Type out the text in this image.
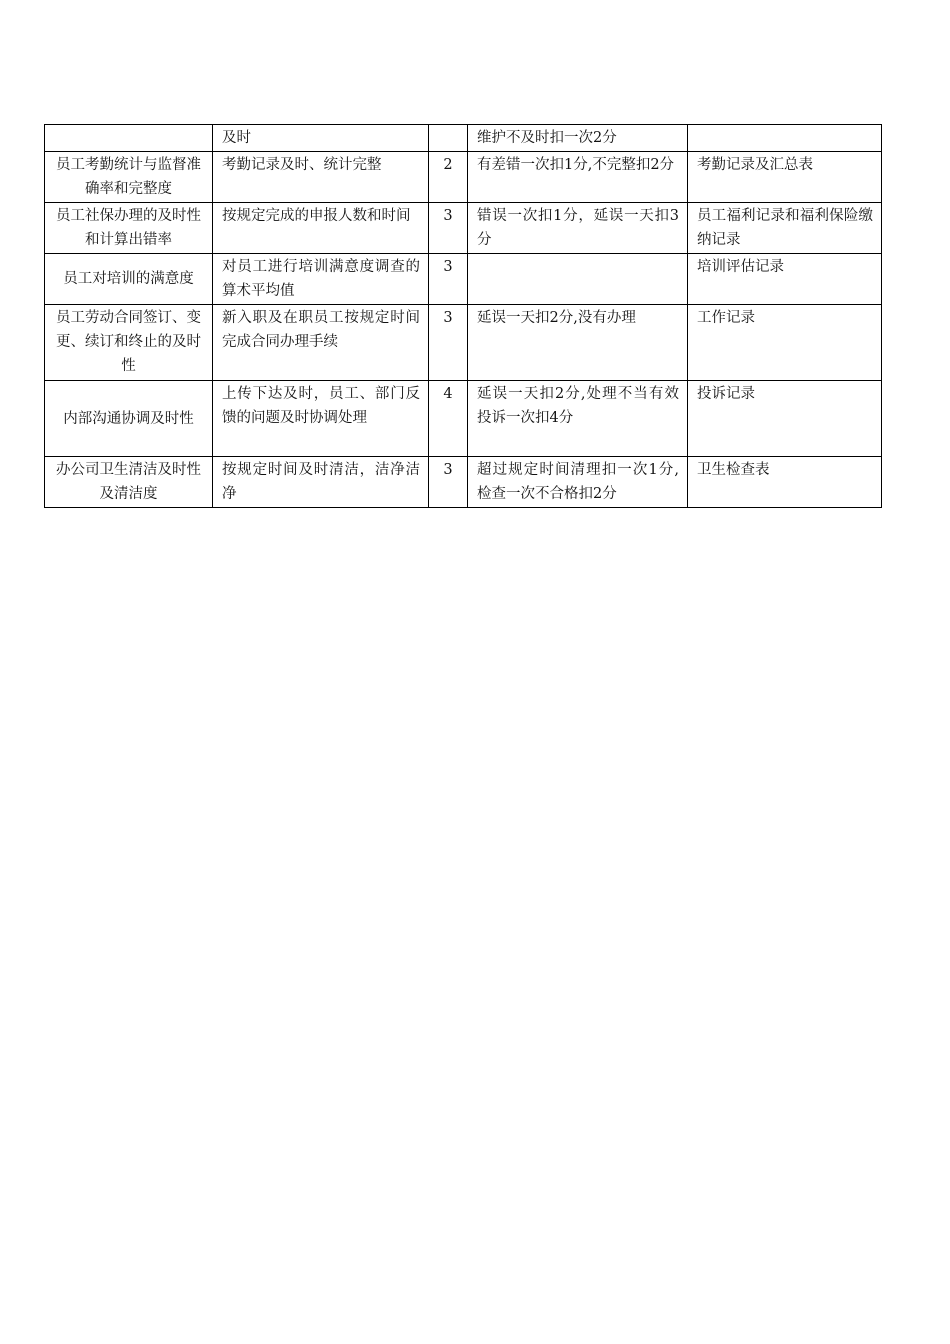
	及时		维护不及时扣一次2分	
员工考勤统计与监督准确率和完整度	考勤记录及时、统计完整	2	有差错一次扣1分,不完整扣2分	考勤记录及汇总表
员工社保办理的及时性和计算出错率	按规定完成的申报人数和时间	3	错误一次扣1分，延误一天扣3分	员工福利记录和福利保险缴纳记录
员工对培训的满意度	对员工进行培训满意度调查的算术平均值	3		培训评估记录
员工劳动合同签订、变更、续订和终止的及时性	新入职及在职员工按规定时间完成合同办理手续	3	延误一天扣2分,没有办理	工作记录
内部沟通协调及时性	上传下达及时，员工、部门反馈的问题及时协调处理	4	延误一天扣2分,处理不当有效投诉一次扣4分	投诉记录
办公司卫生清洁及时性及清洁度	按规定时间及时清洁，洁净洁净	3	超过规定时间清理扣一次1分,检查一次不合格扣2分	卫生检查表
